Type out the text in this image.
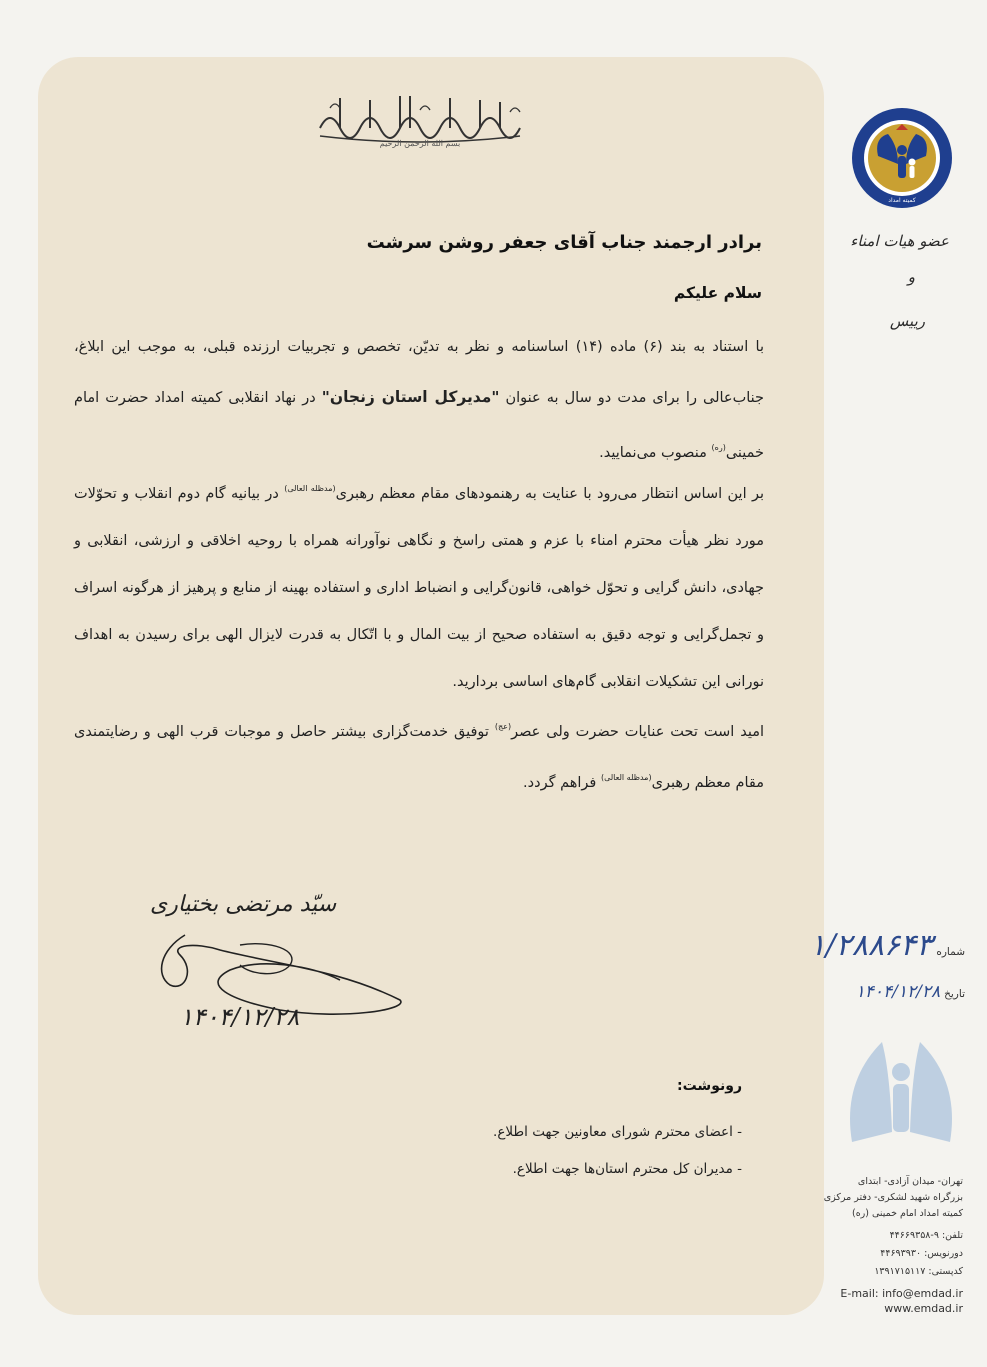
بسم الله الرحمن الرحیم
برادر ارجمند جناب آقای جعفر روشن سرشت
سلام علیکم
با استناد به بند (۶) ماده (۱۴) اساسنامه و نظر به تدیّن، تخصص و تجربیات ارزنده قبلی، به موجب این ابلاغ، جناب‌عالی را برای مدت دو سال به عنوان "مدیرکل استان زنجان" در نهاد انقلابی کمیته امداد حضرت امام خمینی$^{(ره)}$ منصوب می‌نمایید.
بر این اساس انتظار می‌رود با عنایت به رهنمودهای مقام معظم رهبری$^{(مدظله العالی)}$ در بیانیه گام دوم انقلاب و تحوّلات مورد نظر هیأت محترم امناء با عزم و همتی راسخ و نگاهی نوآورانه همراه با روحیه اخلاقی و ارزشی، انقلابی و جهادی، دانش گرایی و تحوّل خواهی، قانون‌گرایی و انضباط اداری و استفاده بهینه از منابع و پرهیز از هرگونه اسراف و تجمل‌گرایی و توجه دقیق به استفاده صحیح از بیت المال و با اتّکال به قدرت لایزال الهی برای رسیدن به اهداف نورانی این تشکیلات انقلابی گام‌های اساسی بردارید.
امید است تحت عنایات حضرت ولی عصر$^{(عج)}$ توفیق خدمت‌گزاری بیشتر حاصل و موجبات قرب الهی و رضایتمندی مقام معظم رهبری$^{(مدظله العالی)}$ فراهم گردد.
سیّد مرتضی بختیاری
۱۴۰۴/۱۲/۲۸
رونوشت:
- اعضای محترم شورای معاونین جهت اطلاع.
- مدیران کل محترم استان‌ها جهت اطلاع.
کمیته امداد
عضو هیات امناء
و
رییس
شماره
۱/۲۸۸۶۴۳
تاریخ
۱۴۰۴/۱۲/۲۸
تهران- میدان آزادی- ابتدای
بزرگراه شهید لشکری- دفتر مرکزی
کمیته امداد امام خمینی (ره)
تلفن: ۹-۴۴۶۶۹۳۵۸
دورنویس: ۴۴۶۹۳۹۳۰
کدپستی: ۱۳۹۱۷۱۵۱۱۷
E-mail: info@emdad.ir
www.emdad.ir
